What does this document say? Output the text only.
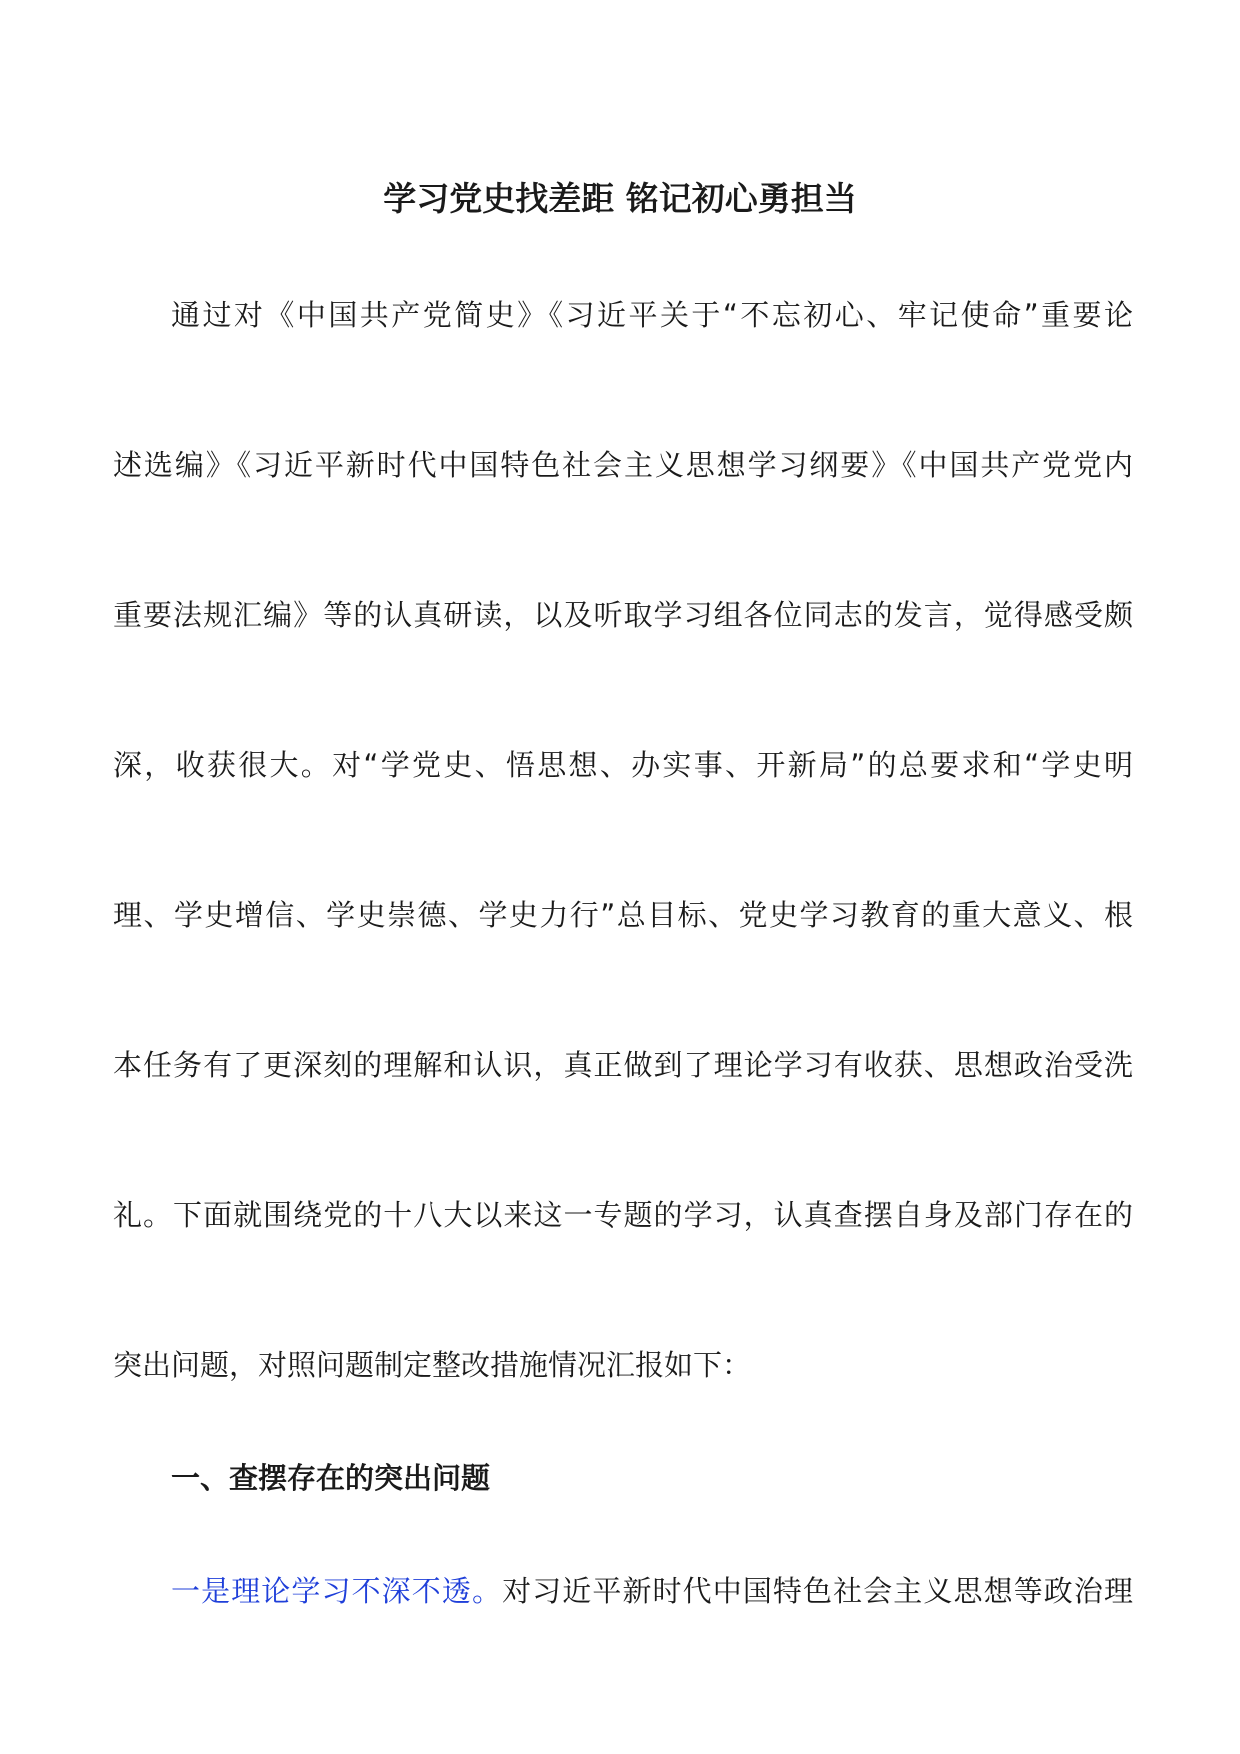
学习党史找差距 铭记初心勇担当

通过对《中国共产党简史》《习近平关于“不忘初心、牢记使命”重要论

述选编》《习近平新时代中国特色社会主义思想学习纲要》《中国共产党党内

重要法规汇编》等的认真研读，以及听取学习组各位同志的发言，觉得感受颇

深，收获很大。对“学党史、悟思想、办实事、开新局”的总要求和“学史明

理、学史增信、学史崇德、学史力行”总目标、党史学习教育的重大意义、根

本任务有了更深刻的理解和认识，真正做到了理论学习有收获、思想政治受洗

礼。下面就围绕党的十八大以来这一专题的学习，认真查摆自身及部门存在的

突出问题，对照问题制定整改措施情况汇报如下：

一、查摆存在的突出问题

一是理论学习不深不透。对习近平新时代中国特色社会主义思想等政治理
